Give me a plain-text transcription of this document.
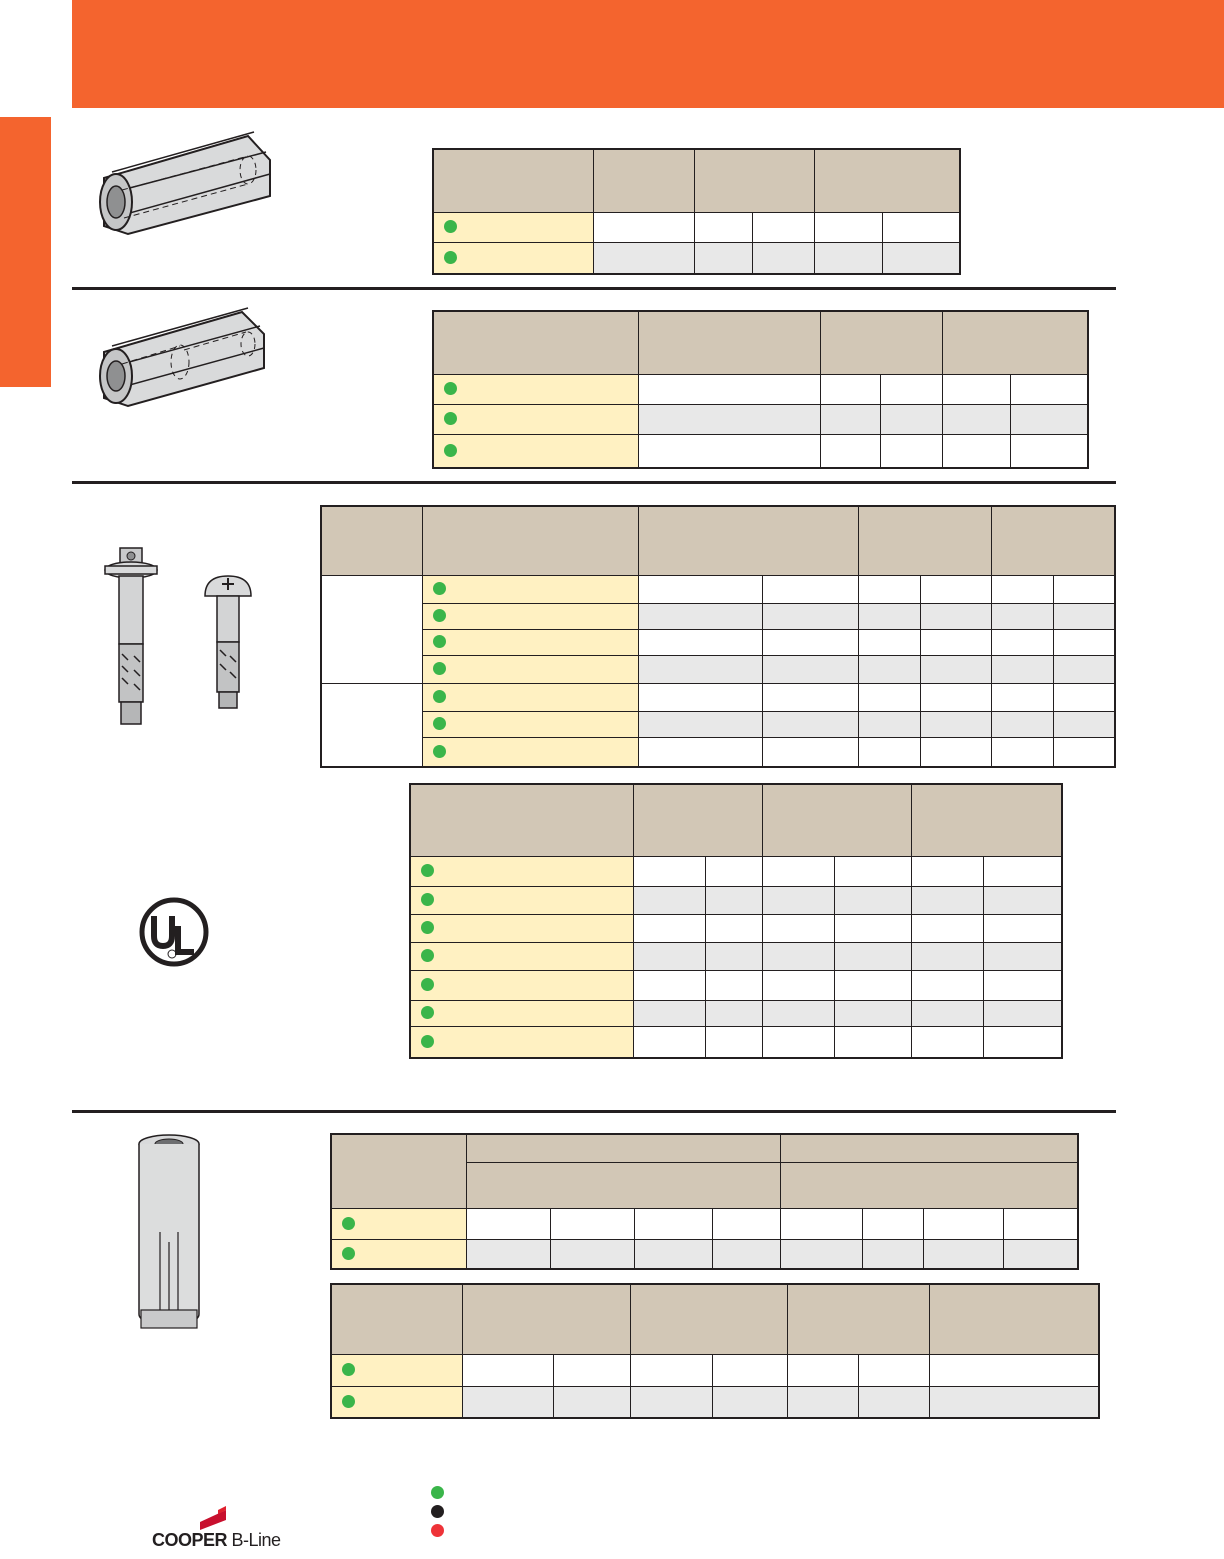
COOPER B-Line
